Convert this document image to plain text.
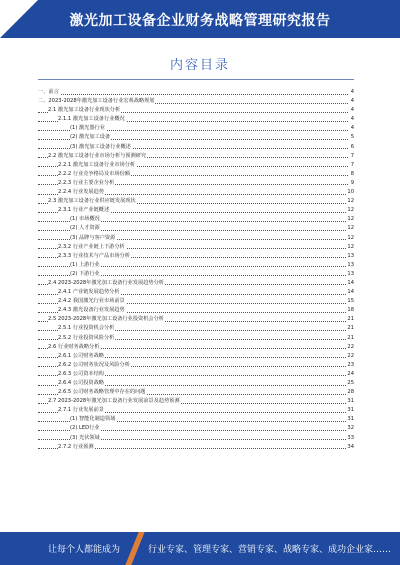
激光加工设备企业财务战略管理研究报告
内容目录
一、前言	4
二、2023-2028年激光加工设备行业宏观战略规划	4
2.1 激光加工设备行业现状分析	4
2.1.1 激光加工设备行业概况	4
(1) 激光器行业	4
(2) 激光加工设备	5
(3) 激光加工设备行业概述	6
2.2 激光加工设备行业市场分析与预测研究	7
2.2.1 激光加工设备行业市场分析	7
2.2.2 行业竞争格局及市场份额	8
2.2.3 行业主要企业分析	9
2.2.4 行业发展趋势	10
2.3 激光加工设备行业供应链发展现状	12
2.3.1 行业产业链概述	12
(1) 市场概况	12
(2) 人才资源	12
(3) 品牌与客户资源	12
2.3.2 行业产业链上下游分析	12
2.3.3 行业技术与产品市场分析	13
(1) 上游行业	13
(2) 下游行业	13
2.4 2023-2028年激光加工设备行业发展趋势分析	14
2.4.1 产业链发展趋势分析	14
2.4.2 我国激光行业市场前景	15
2.4.3 激光设备行业发展趋势	18
2.5 2023-2028年激光加工设备行业投资机会分析	21
2.5.1 行业投资机会分析	21
2.5.2 行业投资风险分析	21
2.6 行业财务战略分析	22
2.6.1 公司财务战略	22
2.6.2 公司财务状况及风险分析	23
2.6.3 公司资本结构	24
2.6.4 公司投资战略	25
2.6.5 公司财务战略管理中存在的问题	28
2.7 2023-2028年激光加工设备行业发展前景及趋势预测	31
2.7.1 行业发展前景	31
(1) 智能化制造领域	31
(2) LED行业	32
(3) 光伏领域	33
2.7.2 行业预测	34
让每个人都能成为	行业专家、管理专家、营销专家、战略专家、成功企业家……
